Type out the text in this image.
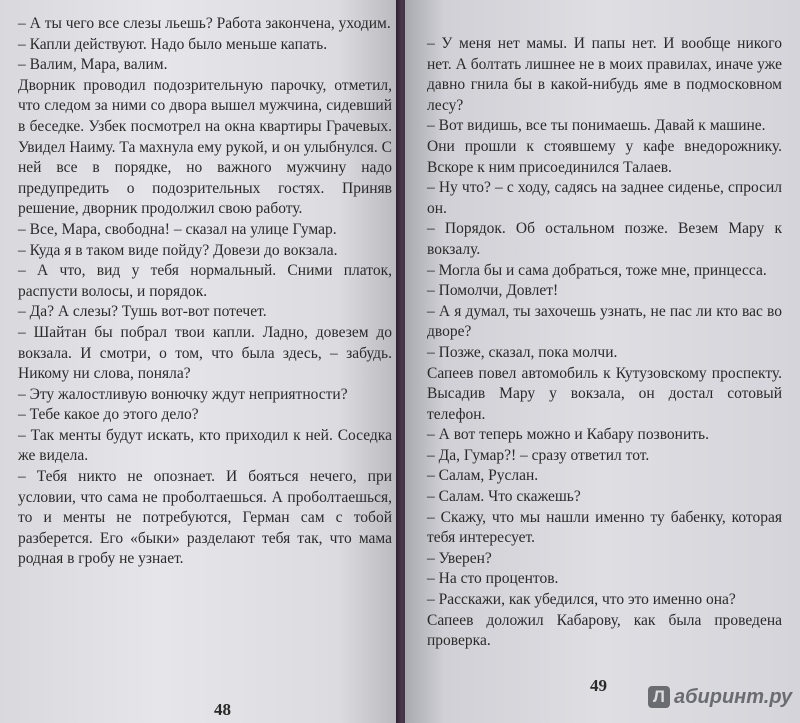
– А ты чего все слезы льешь? Работа закончена, уходим.

– Капли действуют. Надо было меньше капать.

– Валим, Мара, валим.

Дворник проводил подозрительную парочку, отметил, что следом за ними со двора вышел мужчина, сидевший в беседке. Узбек посмотрел на окна квартиры Грачевых. Увидел Наиму. Та махнула ему рукой, и он улыбнулся. С ней все в порядке, но важного мужчину надо предупредить о подозрительных гостях. Приняв решение, дворник продолжил свою работу.

– Все, Мара, свободна! – сказал на улице Гумар.

– Куда я в таком виде пойду? Довези до вокзала.

– А что, вид у тебя нормальный. Сними платок, распусти волосы, и порядок.

– Да? А слезы? Тушь вот-вот потечет.

– Шайтан бы побрал твои капли. Ладно, довезем до вокзала. И смотри, о том, что была здесь, – забудь. Никому ни слова, поняла?

– Эту жалостливую вонючку ждут неприятности?

– Тебе какое до этого дело?

– Так менты будут искать, кто приходил к ней. Соседка же видела.

– Тебя никто не опознает. И бояться нечего, при условии, что сама не проболтаешься. А проболтаешься, то и менты не потребуются, Герман сам с тобой разберется. Его «быки» разделают тебя так, что мама родная в гробу не узнает.

48

– У меня нет мамы. И папы нет. И вообще никого нет. А болтать лишнее не в моих правилах, иначе уже давно гнила бы в какой-нибудь яме в подмосковном лесу?

– Вот видишь, все ты понимаешь. Давай к машине.

Они прошли к стоявшему у кафе внедорожнику. Вскоре к ним присоединился Талаев.

– Ну что? – с ходу, садясь на заднее сиденье, спросил он.

– Порядок. Об остальном позже. Везем Мару к вокзалу.

– Могла бы и сама добраться, тоже мне, принцесса.

– Помолчи, Довлет!

– А я думал, ты захочешь узнать, не пас ли кто вас во дворе?

– Позже, сказал, пока молчи.

Сапеев повел автомобиль к Кутузовскому проспекту. Высадив Мару у вокзала, он достал сотовый телефон.

– А вот теперь можно и Кабару позвонить.

– Да, Гумар?! – сразу ответил тот.

– Салам, Руслан.

– Салам. Что скажешь?

– Скажу, что мы нашли именно ту бабенку, которая тебя интересует.

– Уверен?

– На сто процентов.

– Расскажи, как убедился, что это именно она?

Сапеев доложил Кабарову, как была проведена проверка.

49
Л абиринт.ру
